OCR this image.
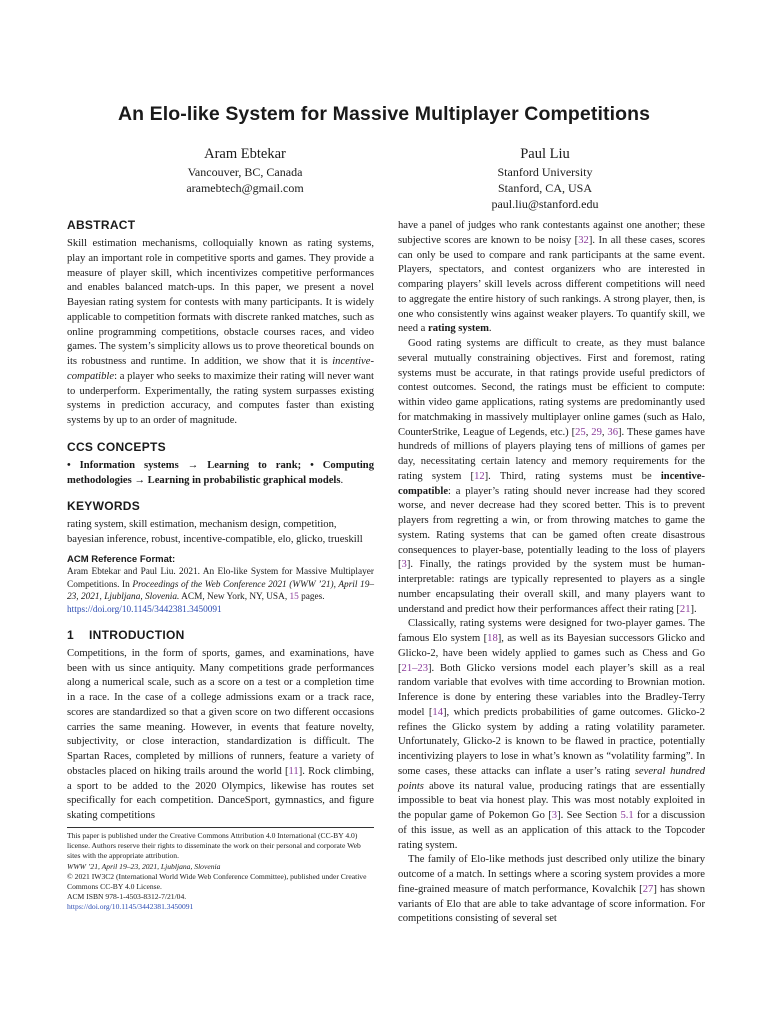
An Elo-like System for Massive Multiplayer Competitions
Aram Ebtekar
Vancouver, BC, Canada
aramebtech@gmail.com
Paul Liu
Stanford University
Stanford, CA, USA
paul.liu@stanford.edu
ABSTRACT

Skill estimation mechanisms, colloquially known as rating systems, play an important role in competitive sports and games. They provide a measure of player skill, which incentivizes competitive performances and enables balanced match-ups. In this paper, we present a novel Bayesian rating system for contests with many participants. It is widely applicable to competition formats with discrete ranked matches, such as online programming competitions, obstacle courses races, and video games. The system’s simplicity allows us to prove theoretical bounds on its robustness and runtime. In addition, we show that it is incentive-compatible: a player who seeks to maximize their rating will never want to underperform. Experimentally, the rating system surpasses existing systems in prediction accuracy, and computes faster than existing systems by up to an order of magnitude.

CCS CONCEPTS

• Information systems → Learning to rank; • Computing methodologies → Learning in probabilistic graphical models.

KEYWORDS

rating system, skill estimation, mechanism design, competition, bayesian inference, robust, incentive-compatible, elo, glicko, trueskill

ACM Reference Format:

Aram Ebtekar and Paul Liu. 2021. An Elo-like System for Massive Multiplayer Competitions. In Proceedings of the Web Conference 2021 (WWW ’21), April 19–23, 2021, Ljubljana, Slovenia. ACM, New York, NY, USA, 15 pages.
https://doi.org/10.1145/3442381.3450091

1 INTRODUCTION

Competitions, in the form of sports, games, and examinations, have been with us since antiquity. Many competitions grade performances along a numerical scale, such as a score on a test or a completion time in a race. In the case of a college admissions exam or a track race, scores are standardized so that a given score on two different occasions carries the same meaning. However, in events that feature novelty, subjectivity, or close interaction, standardization is difficult. The Spartan Races, completed by millions of runners, feature a variety of obstacles placed on hiking trails around the world [11]. Rock climbing, a sport to be added to the 2020 Olympics, likewise has routes set specifically for each competition. DanceSport, gymnastics, and figure skating competitions

have a panel of judges who rank contestants against one another; these subjective scores are known to be noisy [32]. In all these cases, scores can only be used to compare and rank participants at the same event. Players, spectators, and contest organizers who are interested in comparing players’ skill levels across different competitions will need to aggregate the entire history of such rankings. A strong player, then, is one who consistently wins against weaker players. To quantify skill, we need a rating system.

Good rating systems are difficult to create, as they must balance several mutually constraining objectives. First and foremost, rating systems must be accurate, in that ratings provide useful predictors of contest outcomes. Second, the ratings must be efficient to compute: within video game applications, rating systems are predominantly used for matchmaking in massively multiplayer online games (such as Halo, CounterStrike, League of Legends, etc.) [25, 29, 36]. These games have hundreds of millions of players playing tens of millions of games per day, necessitating certain latency and memory requirements for the rating system [12]. Third, rating systems must be incentive-compatible: a player’s rating should never increase had they scored worse, and never decrease had they scored better. This is to prevent players from regretting a win, or from throwing matches to game the system. Rating systems that can be gamed often create disastrous consequences to player-base, potentially leading to the loss of players [3]. Finally, the ratings provided by the system must be human-interpretable: ratings are typically represented to players as a single number encapsulating their overall skill, and many players want to understand and predict how their performances affect their rating [21].

Classically, rating systems were designed for two-player games. The famous Elo system [18], as well as its Bayesian successors Glicko and Glicko-2, have been widely applied to games such as Chess and Go [21–23]. Both Glicko versions model each player’s skill as a real random variable that evolves with time according to Brownian motion. Inference is done by entering these variables into the Bradley-Terry model [14], which predicts probabilities of game outcomes. Glicko-2 refines the Glicko system by adding a rating volatility parameter. Unfortunately, Glicko-2 is known to be flawed in practice, potentially incentivizing players to lose in what’s known as “volatility farming”. In some cases, these attacks can inflate a user’s rating several hundred points above its natural value, producing ratings that are essentially impossible to beat via honest play. This was most notably exploited in the popular game of Pokemon Go [3]. See Section 5.1 for a discussion of this issue, as well as an application of this attack to the Topcoder rating system.

The family of Elo-like methods just described only utilize the binary outcome of a match. In settings where a scoring system provides a more fine-grained measure of match performance, Kovalchik [27] has shown variants of Elo that are able to take advantage of score information. For competitions consisting of several set

This paper is published under the Creative Commons Attribution 4.0 International (CC-BY 4.0) license. Authors reserve their rights to disseminate the work on their personal and corporate Web sites with the appropriate attribution.
WWW ’21, April 19–23, 2021, Ljubljana, Slovenia
© 2021 IW3C2 (International World Wide Web Conference Committee), published under Creative Commons CC-BY 4.0 License.
ACM ISBN 978-1-4503-8312-7/21/04.
https://doi.org/10.1145/3442381.3450091
